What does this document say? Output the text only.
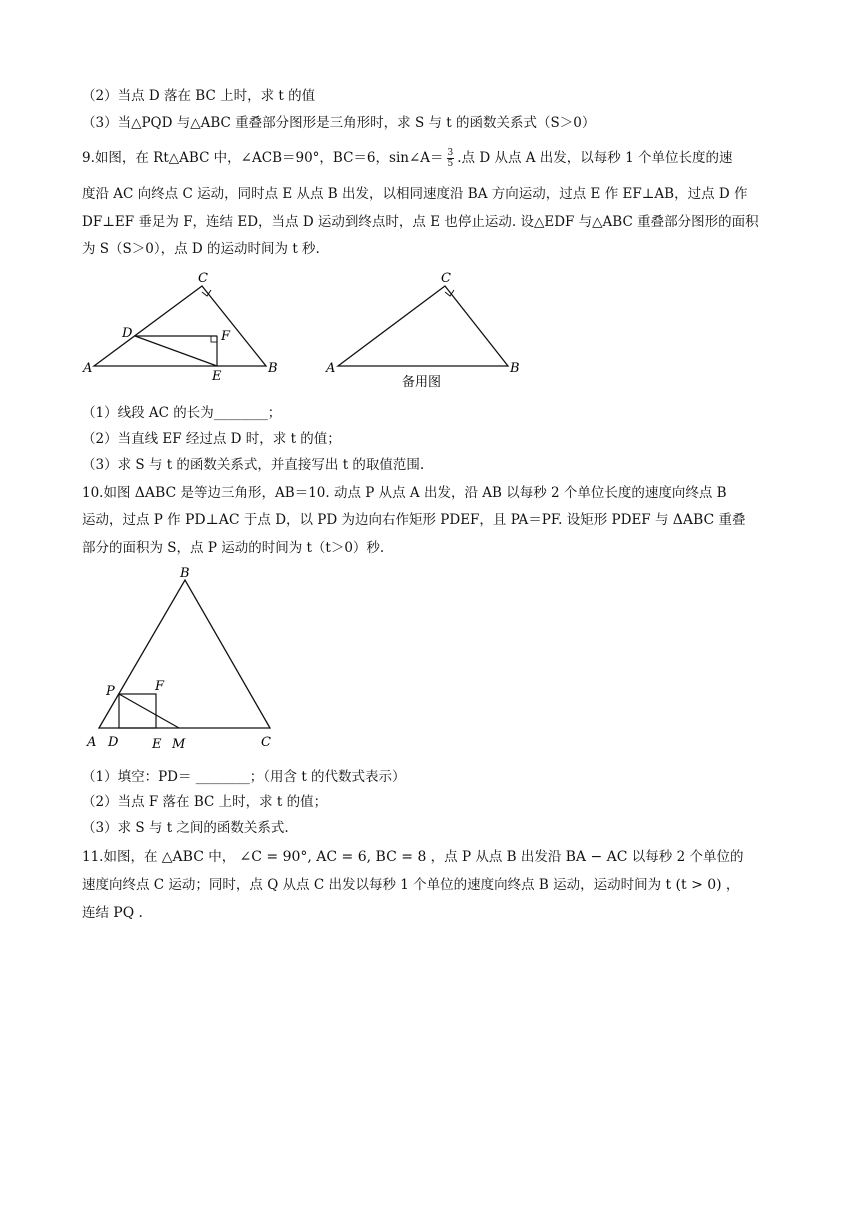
（2）当点 D 落在 BC 上时，求 t 的值
（3）当△PQD 与△ABC 重叠部分图形是三角形时，求 S 与 t 的函数关系式（S＞0）
9.如图，在 Rt△ABC 中，∠ACB＝90°，BC＝6，sin∠A＝ $\frac{3}{5}$ .点 D 从点 A 出发，以每秒 1 个单位长度的速
度沿 AC 向终点 C 运动，同时点 E 从点 B 出发，以相同速度沿 BA 方向运动，过点 E 作 EF⊥AB，过点 D 作
DF⊥EF 垂足为 F，连结 ED，当点 D 运动到终点时，点 E 也停止运动. 设△EDF 与△ABC 重叠部分图形的面积
为 S（S＞0），点 D 的运动时间为 t 秒.
C
D	F
A
E
B
C
A	B
备用图
（1）线段 AC 的长为________；
（2）当直线 EF 经过点 D 时，求 t 的值；
（3）求 S 与 t 的函数关系式，并直接写出 t 的取值范围.
10.如图 ΔABC 是等边三角形，AB＝10. 动点 P 从点 A 出发，沿 AB 以每秒 2 个单位长度的速度向终点 B
运动，过点 P 作 PD⊥AC 于点 D，以 PD 为边向右作矩形 PDEF，且 PA＝PF. 设矩形 PDEF 与 ΔABC 重叠
部分的面积为 S，点 P 运动的时间为 t（t＞0）秒.
B
F
P
A D	E M	C
（1）填空：PD＝ ________；（用含 t 的代数式表示）
（2）当点 F 落在 BC 上时，求 t 的值；
（3）求 S 与 t 之间的函数关系式.
11.如图，在 △ABC 中， ∠C = 90°, AC = 6, BC = 8 ，点 P 从点 B 出发沿 BA − AC 以每秒 2 个单位的
速度向终点 C 运动；同时，点 Q 从点 C 出发以每秒 1 个单位的速度向终点 B 运动，运动时间为 t (t > 0) ，
连结 PQ .
